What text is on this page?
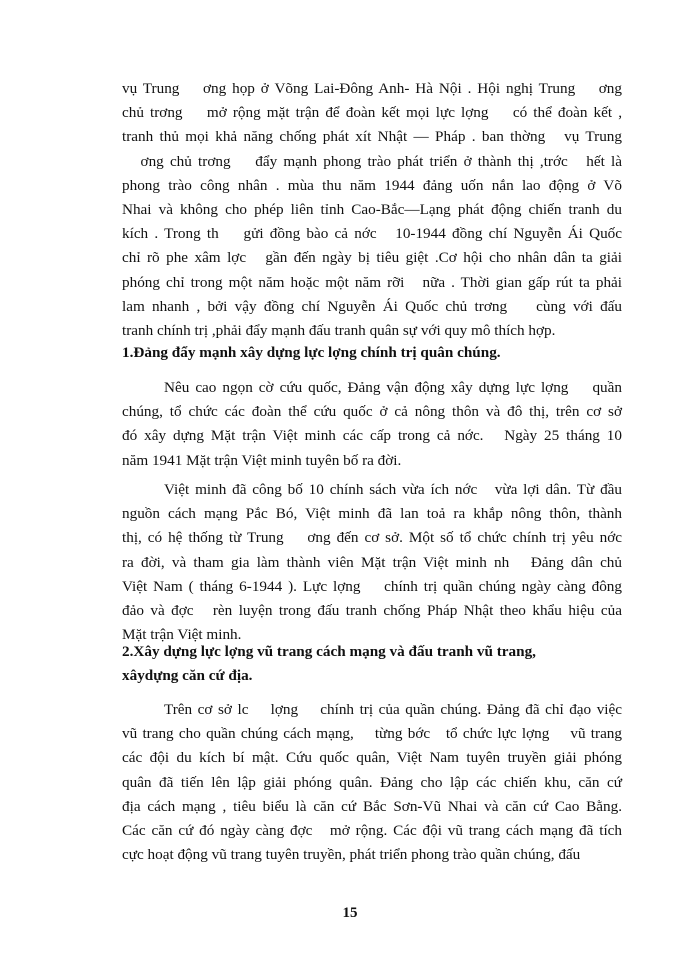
vụ Trung    ơng họp ở Võng Lai-Đông Anh- Hà Nội . Hội nghị Trung    ơng
chủ trơng    mở rộng mặt trận để đoàn kết mọi lực lợng    có thể đoàn kết ,
tranh thủ mọi khả năng chống phát xít Nhật — Pháp . ban thờng   vụ Trung
ơng chủ trơng    đẩy mạnh phong trào phát triển ở thành thị ,trớc   hết là
phong trào công nhân . mùa thu năm 1944 đảng uốn nắn lao động ở Võ
Nhai và không cho phép liên tỉnh Cao-Bắc—Lạng phát động chiến tranh du
kích . Trong th    gửi đồng bào cả nớc   10-1944 đồng chí Nguyễn Ái Quốc
chỉ rõ phe xâm lợc   gần đến ngày bị tiêu giệt .Cơ hội cho nhân dân ta giải
phóng chỉ trong một năm hoặc một năm rỡi   nữa . Thời gian gấp rút ta phải
lam nhanh , bởi vậy đồng chí Nguyễn Ái Quốc chủ trơng    cùng với đấu
tranh chính trị ,phải đẩy mạnh đấu tranh quân sự với quy mô thích hợp.
1.Đảng đẩy mạnh xây dựng lực lợng chính trị quân chúng.
Nêu cao ngọn cờ cứu quốc, Đảng vận động xây dựng lực lợng    quần
chúng, tổ chức các đoàn thể cứu quốc ở cả nông thôn và đô thị, trên cơ sở
đó xây dựng Mặt trận Việt minh các cấp trong cả nớc.   Ngày 25 tháng 10
năm 1941 Mặt trận Việt minh tuyên bố ra đời.
Việt minh đã công bố 10 chính sách vừa ích nớc   vừa lợi dân. Từ đầu
nguồn cách mạng Pắc Bó, Việt minh đã lan toả ra khắp nông thôn, thành
thị, có hệ thống từ Trung    ơng đến cơ sở. Một số tổ chức chính trị yêu nớc
ra đời, và tham gia làm thành viên Mặt trận Việt minh nh   Đảng dân chủ
Việt Nam ( tháng 6-1944 ). Lực lợng    chính trị quần chúng ngày càng đông
đảo và đợc   rèn luyện trong đấu tranh chống Pháp Nhật theo khẩu hiệu của
Mặt trận Việt minh.
2.Xây dựng lực lợng vũ trang cách mạng và đấu tranh vũ trang,
xâydựng căn cứ địa.
Trên cơ sở lc    lợng    chính trị của quần chúng. Đảng đã chỉ đạo việc
vũ trang cho quần chúng cách mạng,    từng bớc   tổ chức lực lợng    vũ trang
các đội du kích bí mật. Cứu quốc quân, Việt Nam tuyên truyền giải phóng
quân đã tiến lên lập giải phóng quân. Đảng cho lập các chiến khu, căn cứ
địa cách mạng , tiêu biểu là căn cứ Bắc Sơn-Vũ Nhai và căn cứ Cao Bằng.
Các căn cứ đó ngày càng đợc   mở rộng. Các đội vũ trang cách mạng đã tích
cực hoạt động vũ trang tuyên truyền, phát triển phong trào quần chúng, đấu
15
